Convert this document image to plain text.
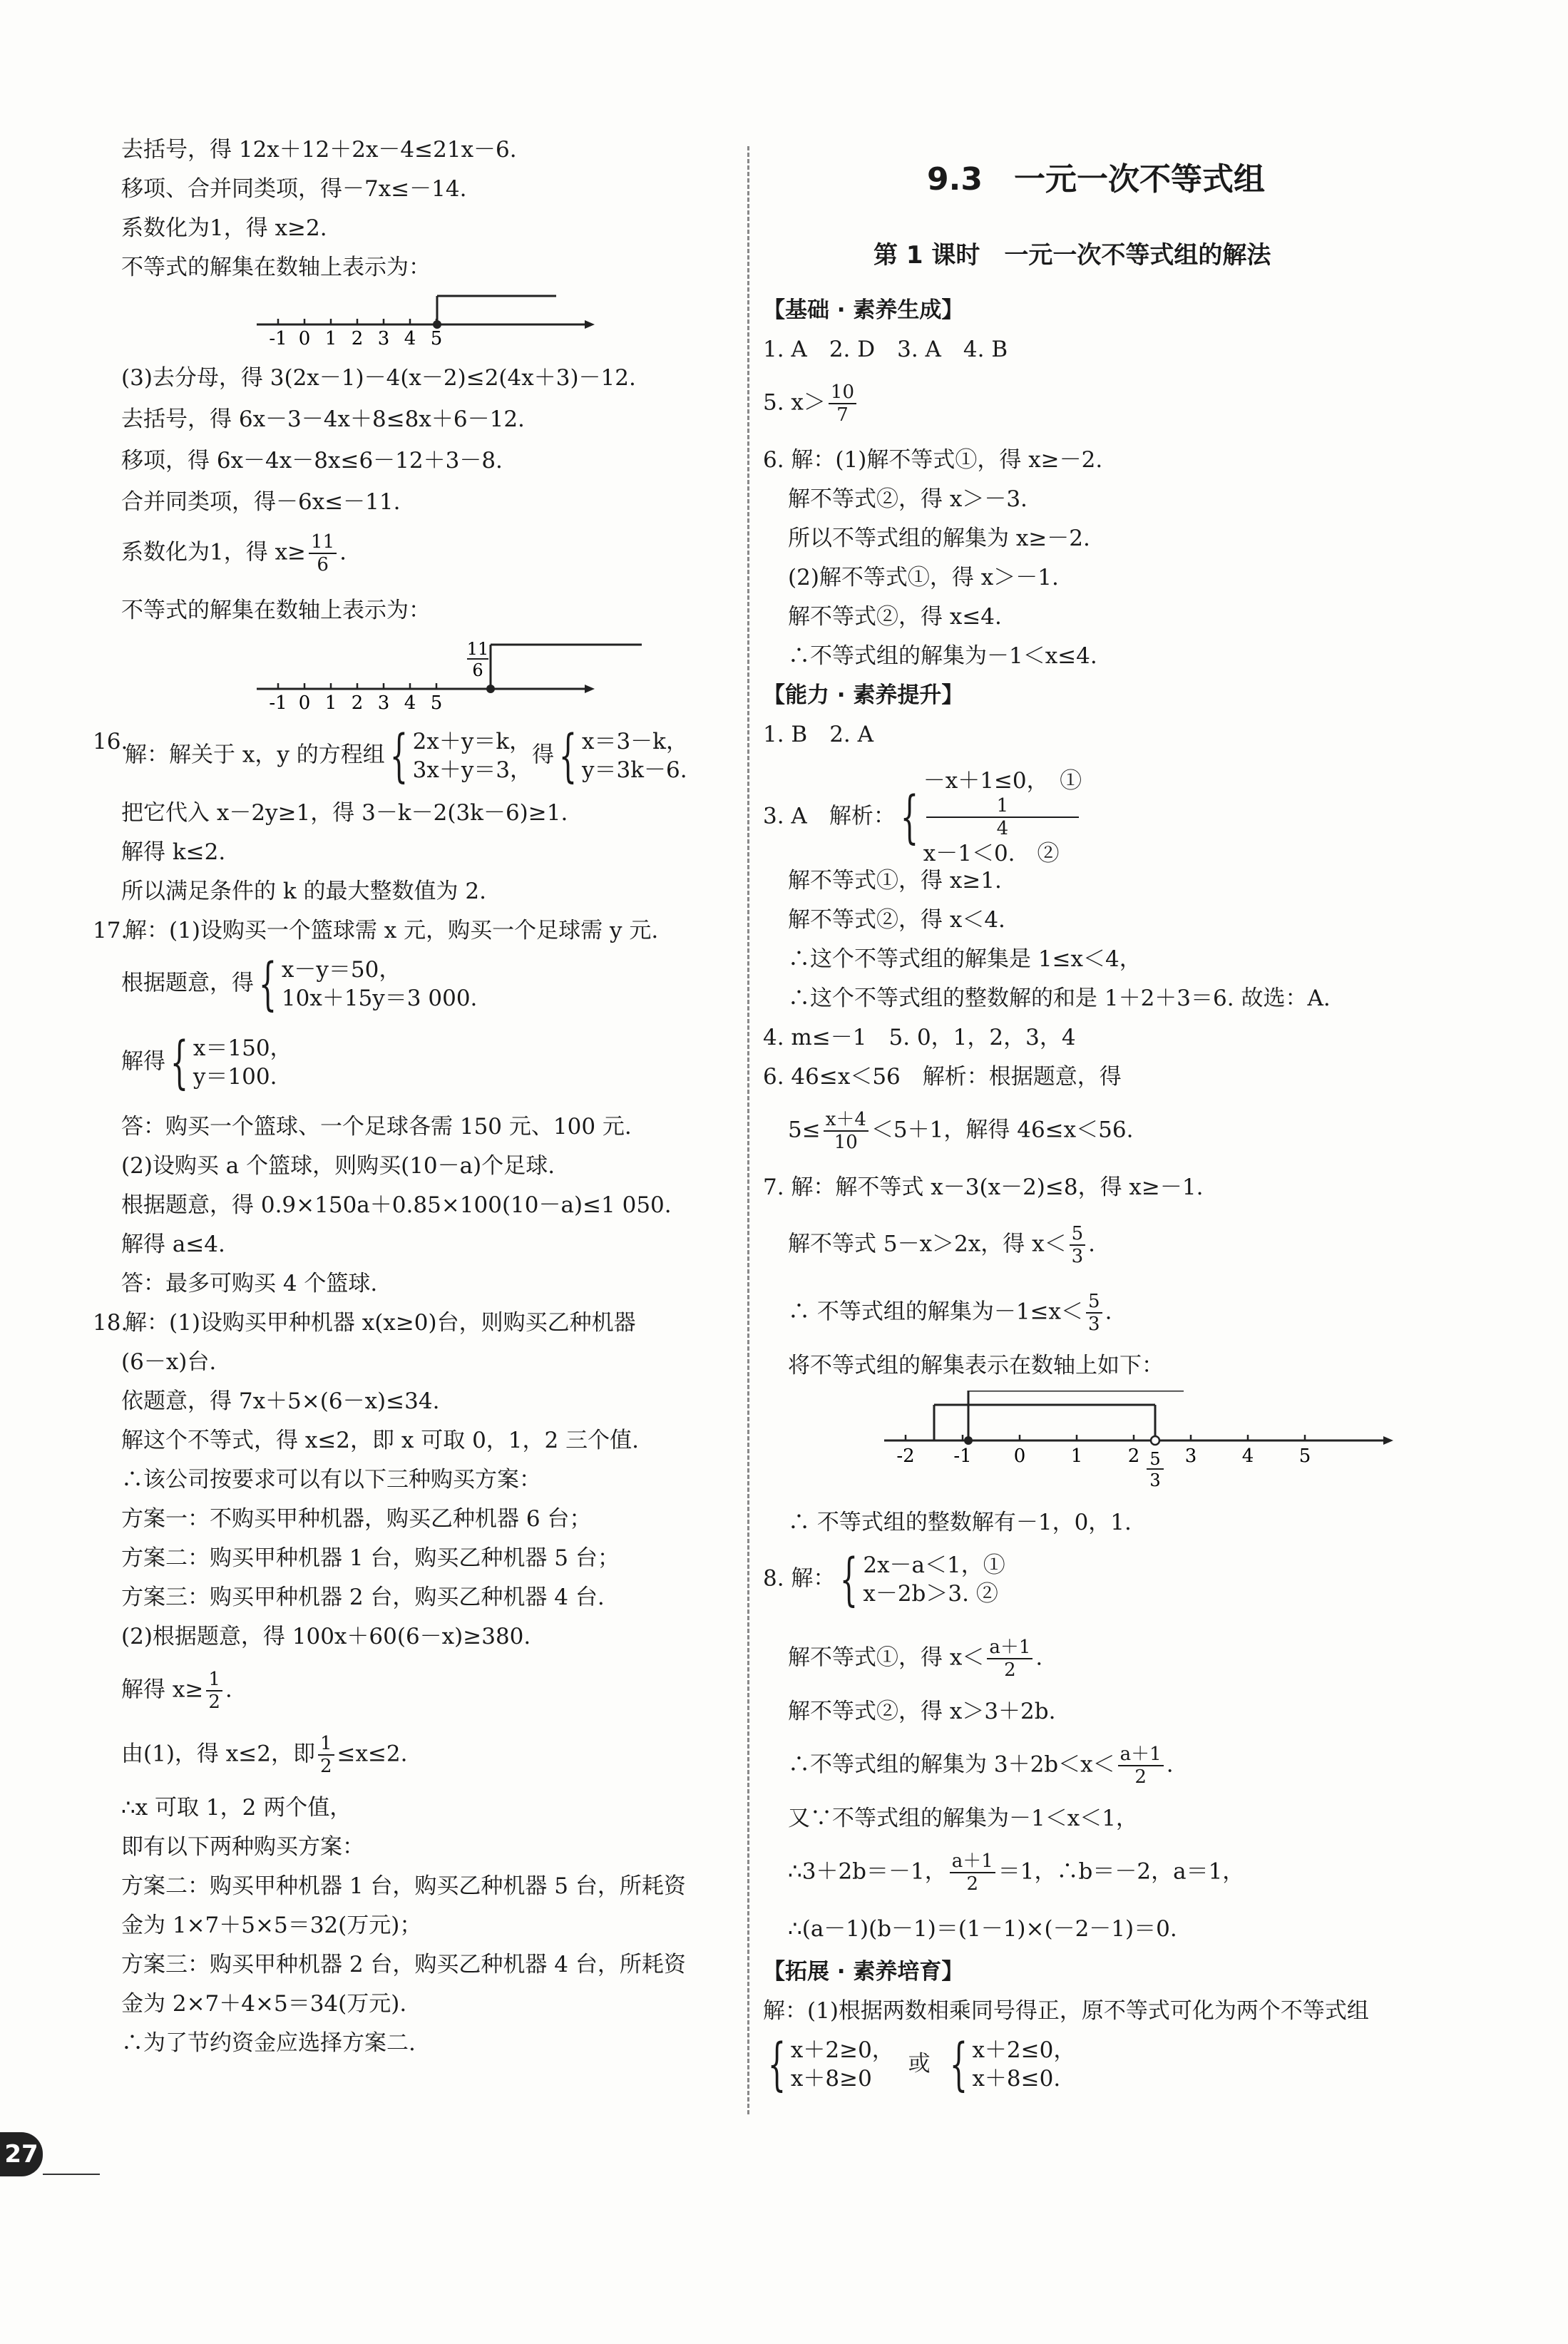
去括号，得 12x＋12＋2x－4≤21x－6.
移项、合并同类项，得－7x≤－14.
系数化为1，得 x≥2.
不等式的解集在数轴上表示为：
-1 0 1 2 3 4 5
(3)去分母，得 3(2x－1)－4(x－2)≤2(4x＋3)－12.
去括号，得 6x－3－4x＋8≤8x＋6－12.
移项，得 6x－4x－8x≤6－12＋3－8.
合并同类项，得－6x≤－11.
系数化为1，得 $x\ge \frac{11}{6}$ .
不等式的解集在数轴上表示为：
11
6
-1 0 1 2 3 4 5
16.
解：解关于 x，y 的方程组{ 2x＋y＝k，
3x＋y＝3，
得{ x＝3－k，
y＝3k－6.
把它代入 x－2y≥1，得 3－k－2(3k－6)≥1.
解得 k≤2.
所以满足条件的 k 的最大整数值为 2.
17.
解：(1)设购买一个篮球需 x 元，购买一个足球需 y 元.
根据题意，得{ x－y＝50，
10x＋15y＝3 000.
解得{ x＝150，
y＝100.
答：购买一个篮球、一个足球各需 150 元、100 元.
(2)设购买 a 个篮球，则购买(10－a)个足球.
根据题意，得 0.9×150a＋0.85×100(10－a)≤1 050.
解得 a≤4.
答：最多可购买 4 个篮球.
18.
解：(1)设购买甲种机器 x(x≥0)台，则购买乙种机器
(6－x)台.
依题意，得 7x＋5×(6－x)≤34.
解这个不等式，得 x≤2，即 x 可取 0，1，2 三个值.
∴该公司按要求可以有以下三种购买方案：
方案一：不购买甲种机器，购买乙种机器 6 台；
方案二：购买甲种机器 1 台，购买乙种机器 5 台；
方案三：购买甲种机器 2 台，购买乙种机器 4 台.
(2)根据题意，得 100x＋60(6－x)≥380.
解得 $x\ge \frac{1}{2}$ .
由(1)，得 x≤2，即 $\frac{1}{2} \le x\le 2$.
∴x 可取 1，2 两个值，
即有以下两种购买方案：
方案二：购买甲种机器 1 台，购买乙种机器 5 台，所耗资
金为 1×7＋5×5＝32(万元)；
方案三：购买甲种机器 2 台，购买乙种机器 4 台，所耗资
金为 2×7＋4×5＝34(万元).
∴为了节约资金应选择方案二.
9.3　一元一次不等式组
第 1 课时　一元一次不等式组的解法
【基础 · 素养生成】
1. A　2. D　3. A　4. B
5. $x> \frac{10}{7}$
6. 解：(1)解不等式①，得 x≥－2.
解不等式②，得 x＞－3.
所以不等式组的解集为 x≥－2.
(2)解不等式①，得 x＞－1.
解不等式②，得 x≤4.
∴不等式组的解集为－1＜x≤4.
【能力 · 素养提升】
1. B　2. A
3. A　解析：{
－x＋1≤0，　①
1
4
x－1＜0.　②
解不等式①，得 x≥1.
解不等式②，得 x＜4.
∴这个不等式组的解集是 1≤x＜4，
∴这个不等式组的整数解的和是 1＋2＋3＝6. 故选：A.
4. m≤－1　5. 0，1，2，3，4
6. 46≤x＜56　解析：根据题意，得
$5\le \frac{x+4}{10} <5+1$，解得 46≤x＜56.
7. 解：解不等式 x－3(x－2)≤8，得 x≥－1.
解不等式 5－x＞2x，得 $x< \frac{5}{3}$ .
∴ 不等式组的解集为$-1\le x< \frac{5}{3}$ .
将不等式组的解集表示在数轴上如下：
-2 -1 0 1 2 3 4 5
5
3
∴ 不等式组的整数解有－1，0，1.
8. 解：{ 2x－a＜1，①
x－2b＞3. ②
解不等式①，得 $x< \frac{a+1}{2}$ .
解不等式②，得 x＞3＋2b.
∴不等式组的解集为 $3+2b<x< \frac{a+1}{2}$ .
又∵不等式组的解集为－1＜x＜1，
∴3＋2b＝－1， $\frac{a+1}{2} =1$，∴b＝－2，a＝1，
∴(a－1)(b－1)＝(1－1)×(－2－1)＝0.
【拓展 · 素养培育】
解：(1)根据两数相乘同号得正，原不等式可化为两个不等式组
{ x＋2≥0，
x＋8≥0
或 { x＋2≤0，
x＋8≤0.
27
